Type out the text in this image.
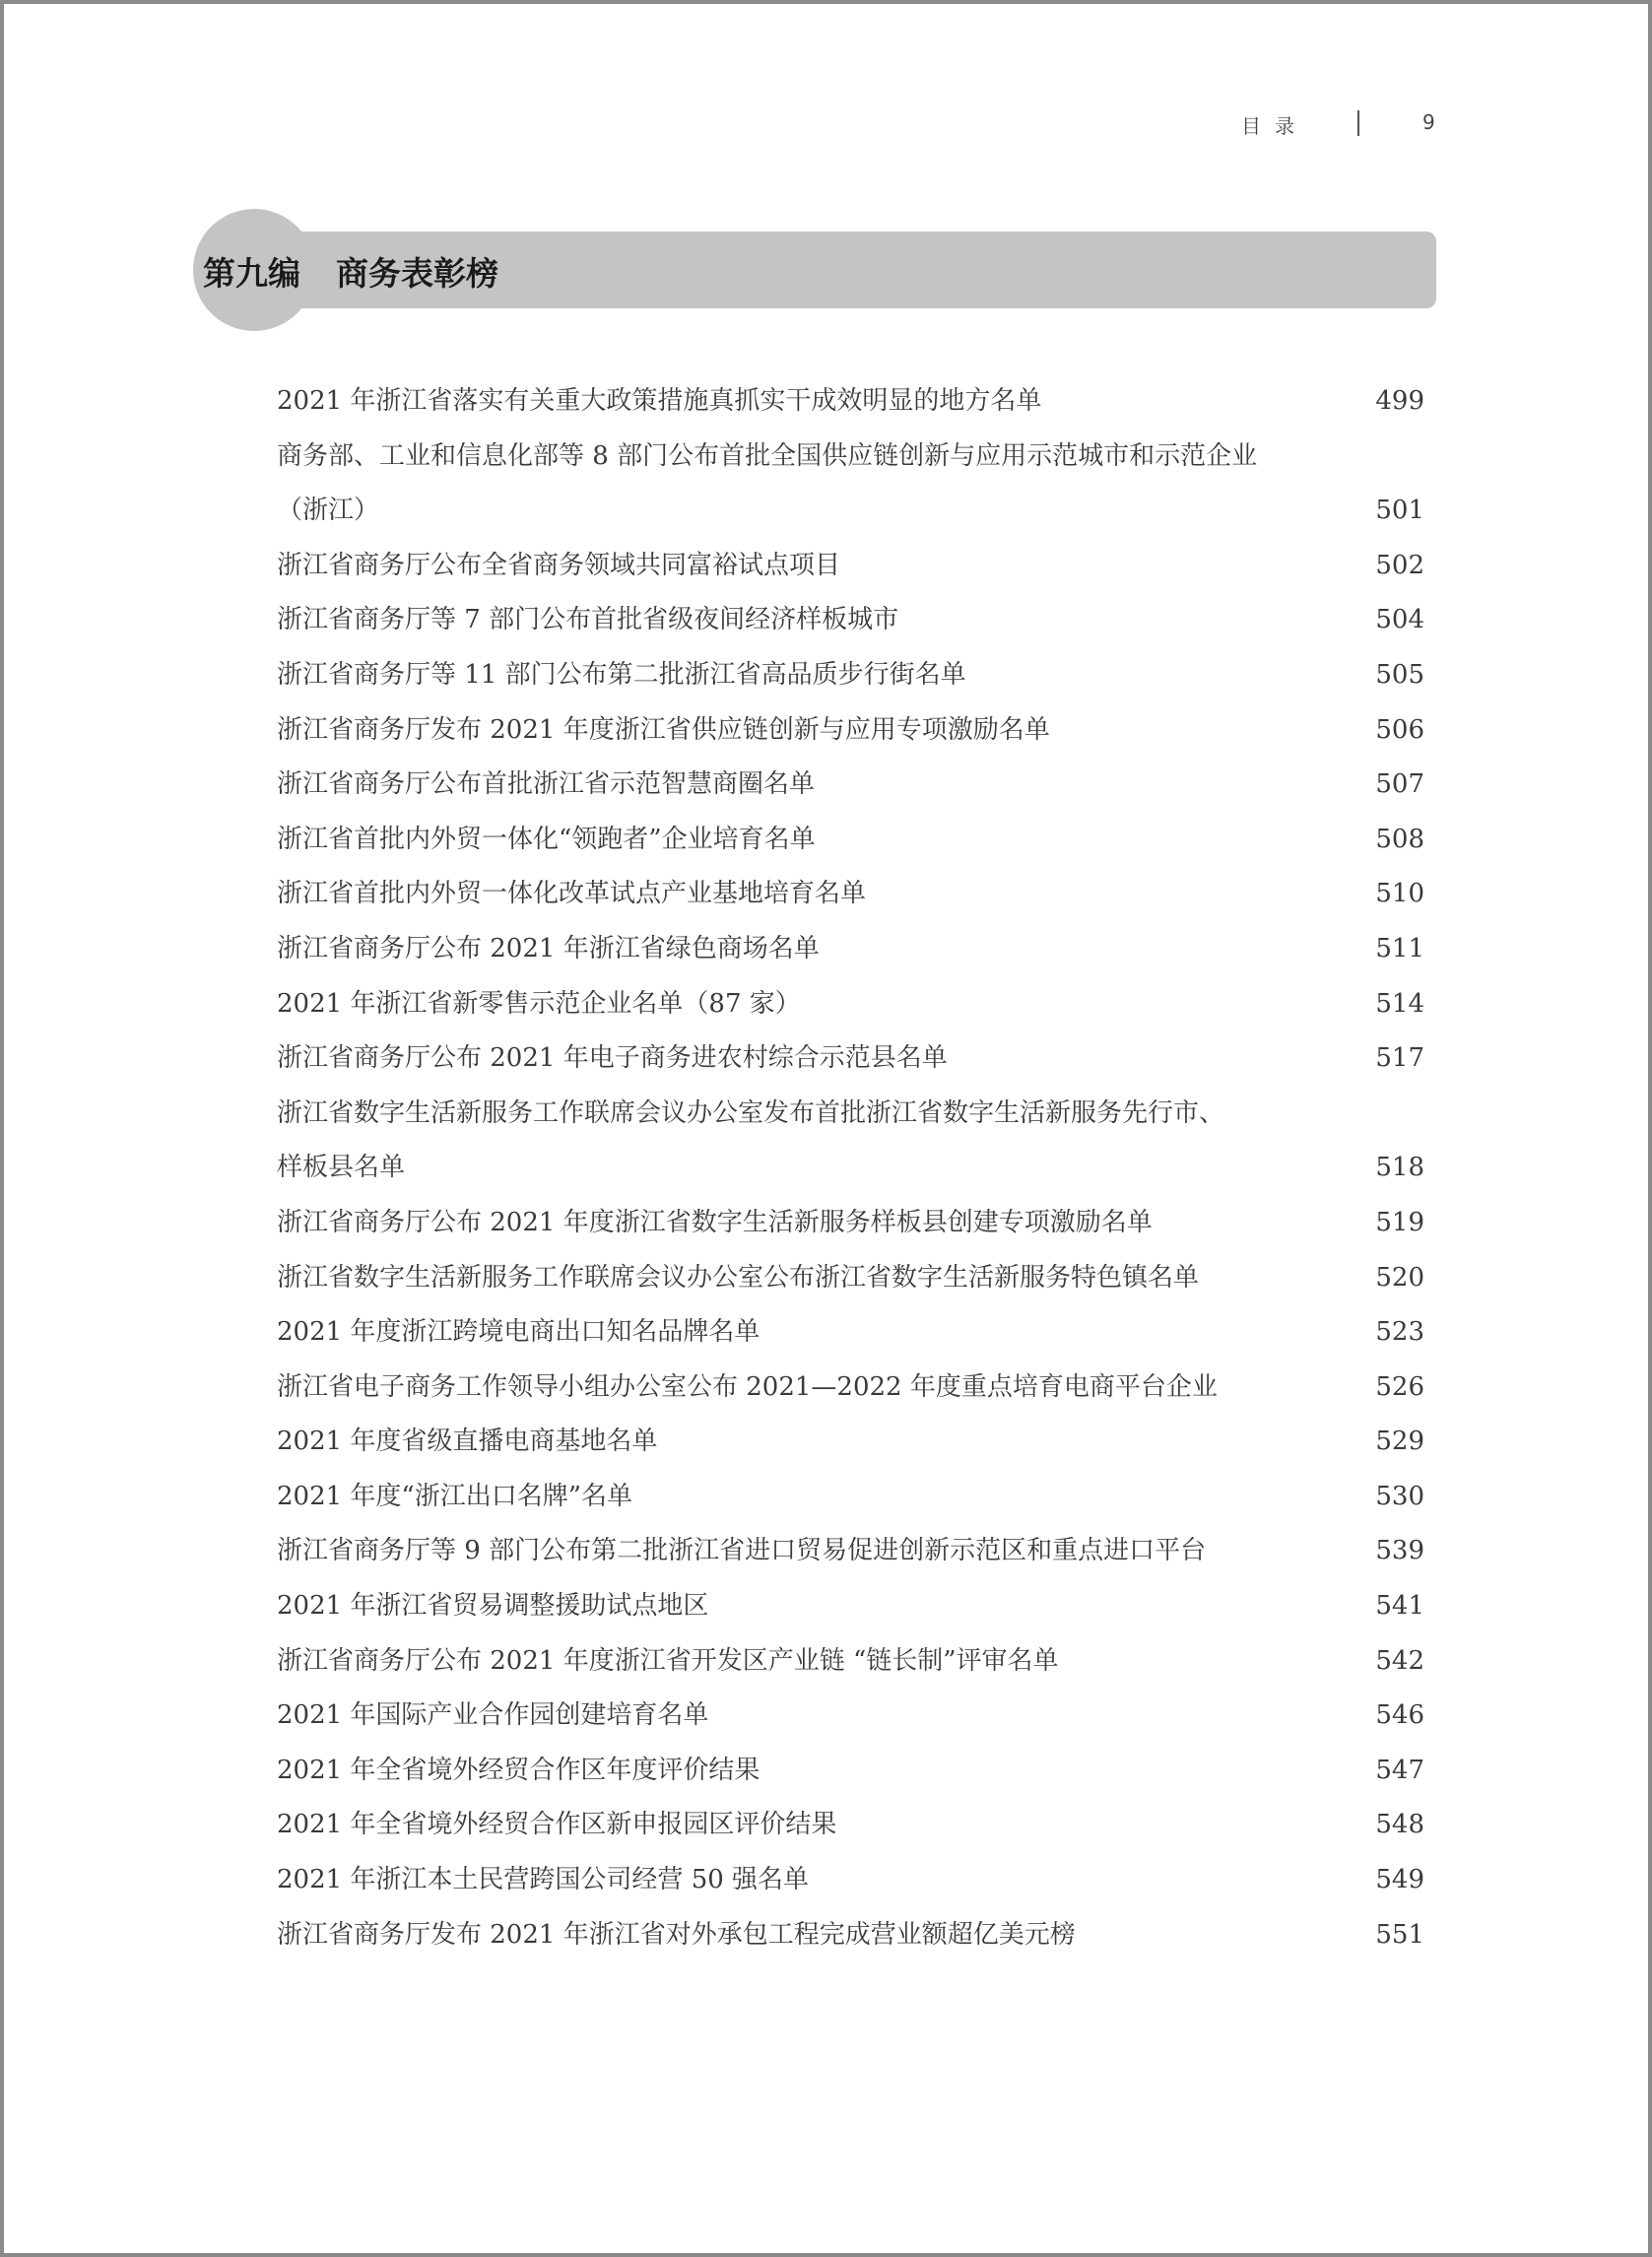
目录	9
第九编 商务表彰榜
2021 年浙江省落实有关重大政策措施真抓实干成效明显的地方名单	499
商务部、工业和信息化部等 8 部门公布首批全国供应链创新与应用示范城市和示范企业
（浙江）	501
浙江省商务厅公布全省商务领域共同富裕试点项目	502
浙江省商务厅等 7 部门公布首批省级夜间经济样板城市	504
浙江省商务厅等 11 部门公布第二批浙江省高品质步行街名单	505
浙江省商务厅发布 2021 年度浙江省供应链创新与应用专项激励名单	506
浙江省商务厅公布首批浙江省示范智慧商圈名单	507
浙江省首批内外贸一体化“领跑者”企业培育名单	508
浙江省首批内外贸一体化改革试点产业基地培育名单	510
浙江省商务厅公布 2021 年浙江省绿色商场名单	511
2021 年浙江省新零售示范企业名单（87 家）	514
浙江省商务厅公布 2021 年电子商务进农村综合示范县名单	517
浙江省数字生活新服务工作联席会议办公室发布首批浙江省数字生活新服务先行市、
样板县名单	518
浙江省商务厅公布 2021 年度浙江省数字生活新服务样板县创建专项激励名单	519
浙江省数字生活新服务工作联席会议办公室公布浙江省数字生活新服务特色镇名单	520
2021 年度浙江跨境电商出口知名品牌名单	523
浙江省电子商务工作领导小组办公室公布 2021—2022 年度重点培育电商平台企业	526
2021 年度省级直播电商基地名单	529
2021 年度“浙江出口名牌”名单	530
浙江省商务厅等 9 部门公布第二批浙江省进口贸易促进创新示范区和重点进口平台	539
2021 年浙江省贸易调整援助试点地区	541
浙江省商务厅公布 2021 年度浙江省开发区产业链 “链长制”评审名单	542
2021 年国际产业合作园创建培育名单	546
2021 年全省境外经贸合作区年度评价结果	547
2021 年全省境外经贸合作区新申报园区评价结果	548
2021 年浙江本土民营跨国公司经营 50 强名单	549
浙江省商务厅发布 2021 年浙江省对外承包工程完成营业额超亿美元榜	551
